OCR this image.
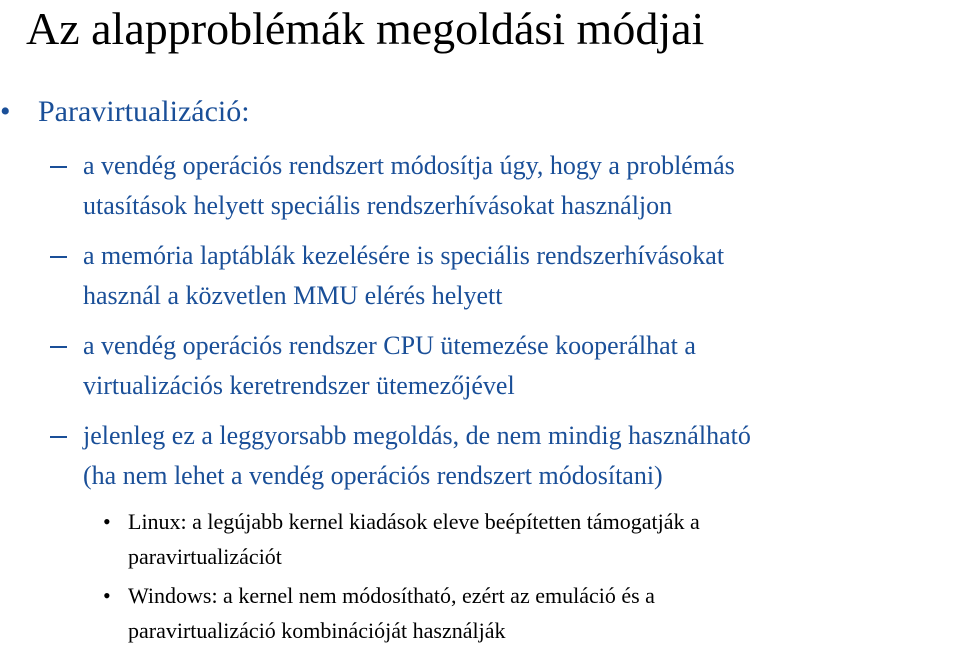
Az alapproblémák megoldási módjai
• Paravirtualizáció:
a vendég operációs rendszert módosítja úgy, hogy a problémás
utasítások helyett speciális rendszerhívásokat használjon
a memória laptáblák kezelésére is speciális rendszerhívásokat
használ a közvetlen MMU elérés helyett
a vendég operációs rendszer CPU ütemezése kooperálhat a
virtualizációs keretrendszer ütemezőjével
jelenleg ez a leggyorsabb megoldás, de nem mindig használható
(ha nem lehet a vendég operációs rendszert módosítani)
• Linux: a legújabb kernel kiadások eleve beépítetten támogatják a
paravirtualizációt
• Windows: a kernel nem módosítható, ezért az emuláció és a
paravirtualizáció kombinációját használják
